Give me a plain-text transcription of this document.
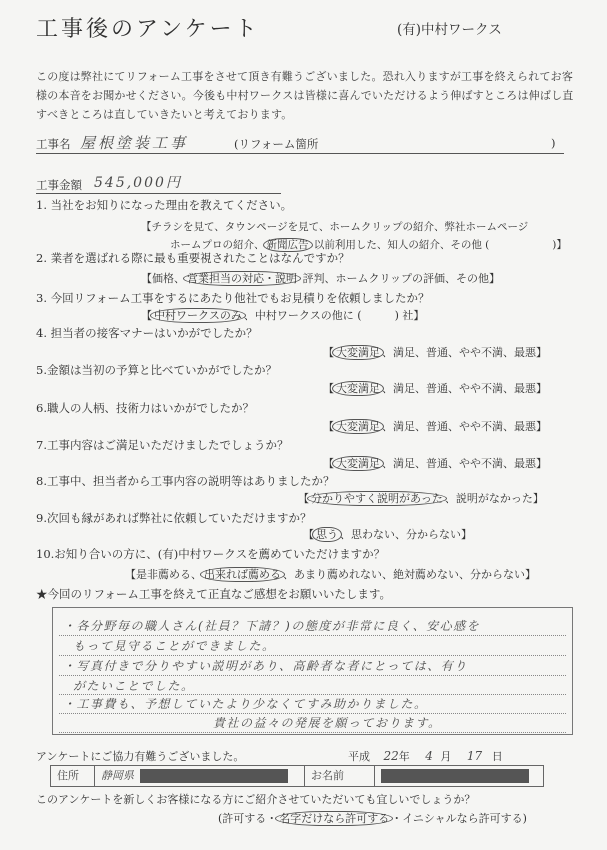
工事後のアンケート	(有)中村ワークス
この度は弊社にてリフォーム工事をさせて頂き有難うございました。恐れ入りますが工事を終えられてお客様の本音をお聞かせください。今後も中村ワークスは皆様に喜んでいただけるよう伸ばすところは伸ばし直すべきところは直していきたいと考えております。
工事名 屋根塗装工事	(リフォーム箇所	)
工事金額 545,000円
1. 当社をお知りになった理由を教えてください。
【チラシを見て、タウンページを見て、ホームクリップの紹介、弊社ホームページ
ホームプロの紹介、 新聞広告 以前利用した、知人の紹介、その他 (　　　　　　)】
2. 業者を選ばれる際に最も重要視されたことはなんですか？
【価格、 営業担当の対応・説明 評判、ホームクリップの評価、その他】
3. 今回リフォーム工事をするにあたり他社でもお見積りを依頼しましたか？
【 中村ワークスのみ 、中村ワークスの他に (　　　) 社】
4. 担当者の接客マナーはいかがでしたか？
【 大変満足 、満足、普通、やや不満、最悪】
5.金額は当初の予算と比べていかがでしたか？
【 大変満足 、満足、普通、やや不満、最悪】
6.職人の人柄、技術力はいかがでしたか？
【 大変満足 、満足、普通、やや不満、最悪】
7.工事内容はご満足いただけましたでしょうか？
【 大変満足 、満足、普通、やや不満、最悪】
8.工事中、担当者から工事内容の説明等はありましたか？
【 分かりやすく説明があった 、説明がなかった】
9.次回も縁があれば弊社に依頼していただけますか？
【 思う 、思わない、分からない】
10.お知り合いの方に、(有)中村ワークスを薦めていただけますか？
【是非薦める、 出来れば薦める 、あまり薦めれない、絶対薦めない、分からない】
★今回のリフォーム工事を終えて正直なご感想をお願いいたします。
・各分野毎の職人さん(社員？下請？)の態度が非常に良く、安心感を
もって見守ることができました。
・写真付きで分りやすい説明があり、高齢者な者にとっては、有り
がたいことでした。
・工事費も、予想していたより少なくてすみ助かりました。
貴社の益々の発展を願っております。
アンケートにご協力有難うございました。	平成 22年 4 月 17 日
住所	静岡県	お名前
このアンケートを新しくお客様になる方にご紹介させていただいても宜しいでしょうか？
(許可する・ 名字だけなら許可する ・イニシャルなら許可する)
